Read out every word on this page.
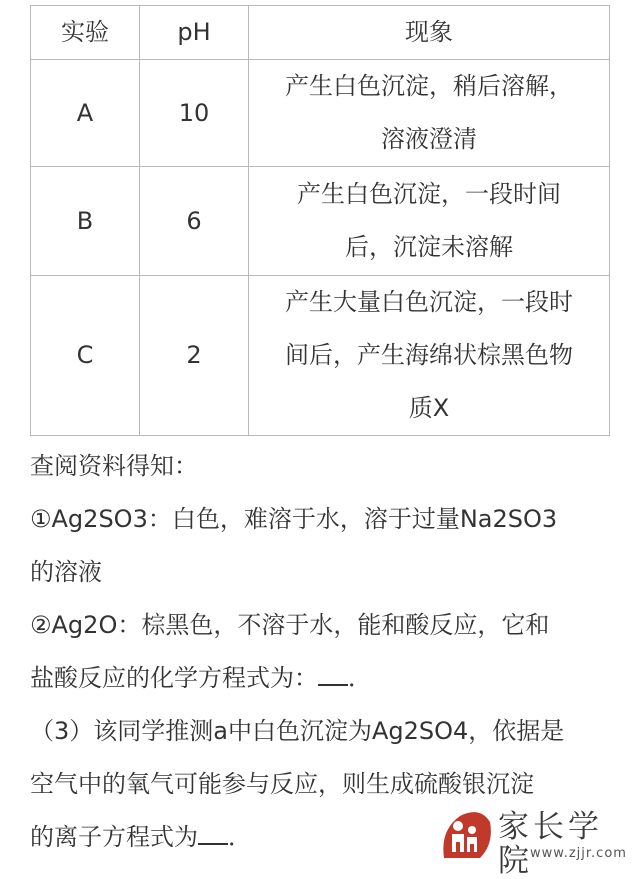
实验	pH	现象
A	10	产生白色沉淀，稍后溶解，
溶液澄清
B	6	产生白色沉淀，一段时间
后，沉淀未溶解
C	2	产生大量白色沉淀，一段时
间后，产生海绵状棕黑色物
质X
查阅资料得知：
①Ag2SO3：白色，难溶于水，溶于过量Na2SO3
的溶液
②Ag2O：棕黑色，不溶于水，能和酸反应，它和
盐酸反应的化学方程式为： ．
（3）该同学推测a中白色沉淀为Ag2SO4，依据是
空气中的氧气可能参与反应，则生成硫酸银沉淀
的离子方程式为 ．	家长学院
www.zjjr.com
